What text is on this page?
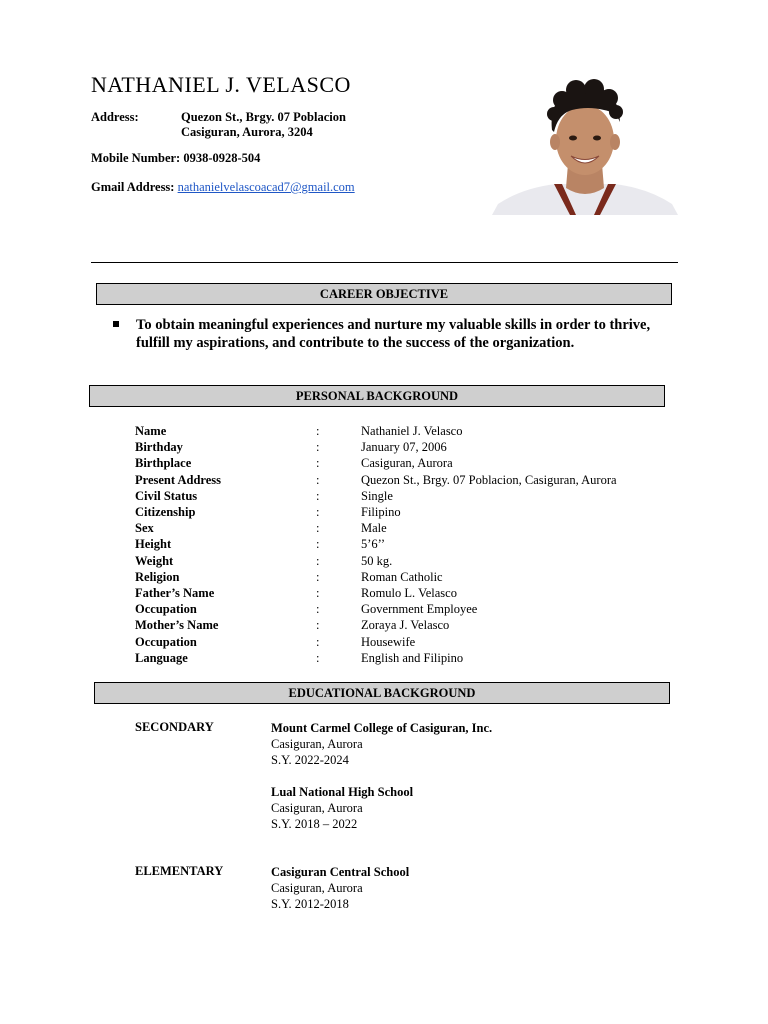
NATHANIEL J. VELASCO
Address:	Quezon St., Brgy. 07 Poblacion
Casiguran, Aurora, 3204
Mobile Number: 0938-0928-504
Gmail Address: nathanielvelascoacad7@gmail.com
CAREER OBJECTIVE
To obtain meaningful experiences and nurture my valuable skills in order to thrive, fulfill my aspirations, and contribute to the success of the organization.
PERSONAL BACKGROUND
Name	:	Nathaniel J. Velasco
Birthday	:	January 07, 2006
Birthplace	:	Casiguran, Aurora
Present Address	:	Quezon St., Brgy. 07 Poblacion, Casiguran, Aurora
Civil Status	:	Single
Citizenship	:	Filipino
Sex	:	Male
Height	:	5’6’’
Weight	:	50 kg.
Religion	:	Roman Catholic
Father’s Name	:	Romulo L. Velasco
Occupation	:	Government Employee
Mother’s Name	:	Zoraya J. Velasco
Occupation	:	Housewife
Language	:	English and Filipino
EDUCATIONAL BACKGROUND
SECONDARY	Mount Carmel College of Casiguran, Inc.
Casiguran, Aurora
S.Y. 2022-2024
Lual National High School
Casiguran, Aurora
S.Y. 2018 – 2022
ELEMENTARY	Casiguran Central School
Casiguran, Aurora
S.Y. 2012-2018
